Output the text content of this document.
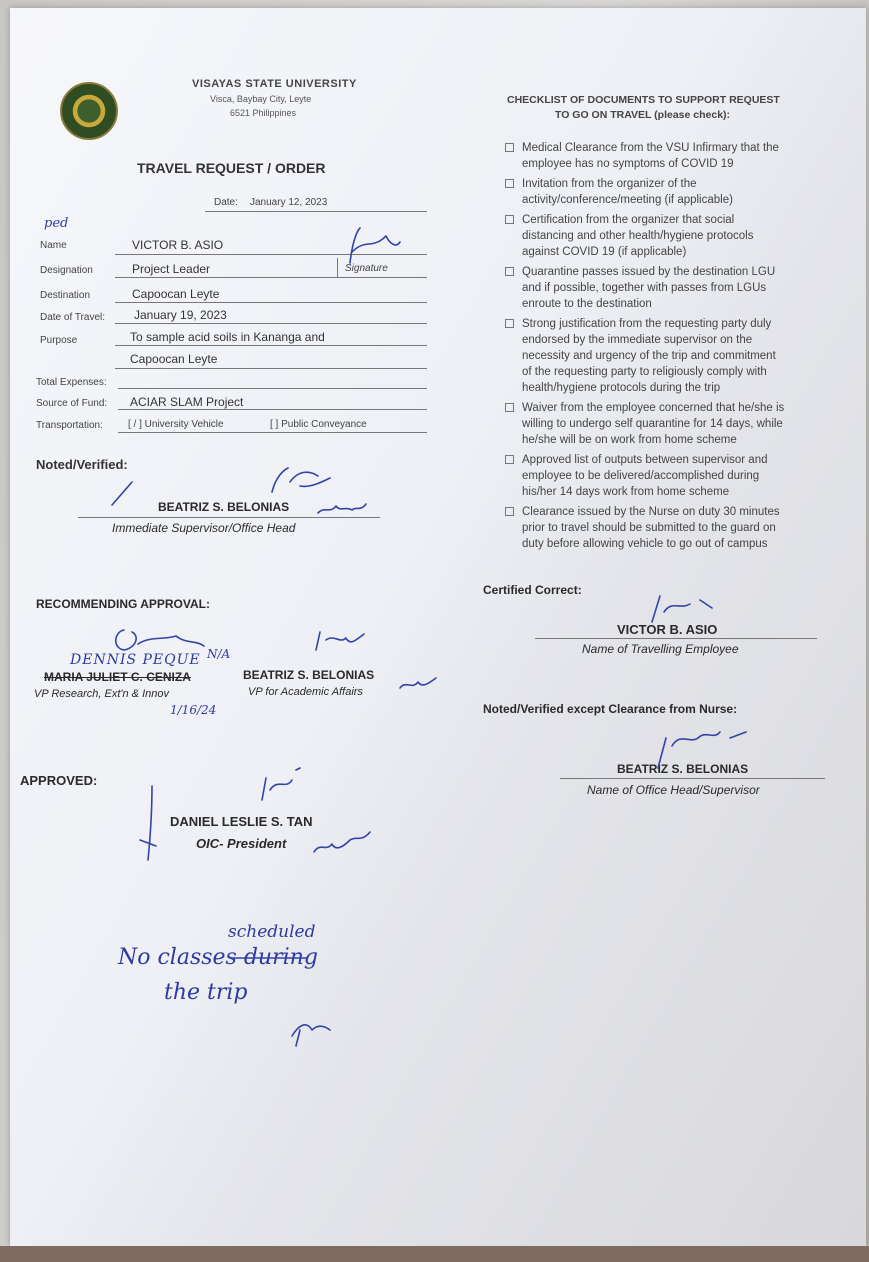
VISAYAS STATE UNIVERSITY
Visca, Baybay City, Leyte
6521 Philippines
TRAVEL REQUEST / ORDER
Date: January 12, 2023
ped
Name	VICTOR B. ASIO
Designation	Project Leader	Signature
Destination	Capoocan Leyte
Date of Travel: January 19, 2023
Purpose	To sample acid soils in Kananga and
Capoocan Leyte
Total Expenses:
Source of Fund: ACIAR SLAM Project
Transportation:	[ / ] University Vehicle	[ ] Public Conveyance
CHECKLIST OF DOCUMENTS TO SUPPORT REQUEST
TO GO ON TRAVEL (please check):
Medical Clearance from the VSU Infirmary that the
employee has no symptoms of COVID 19
Invitation from the organizer of the
activity/conference/meeting (if applicable)
Certification from the organizer that social
distancing and other health/hygiene protocols
against COVID 19 (if applicable)
Quarantine passes issued by the destination LGU
and if possible, together with passes from LGUs
enroute to the destination
Strong justification from the requesting party duly
endorsed by the immediate supervisor on the
necessity and urgency of the trip and commitment
of the requesting party to religiously comply with
health/hygiene protocols during the trip
Waiver from the employee concerned that he/she is
willing to undergo self quarantine for 14 days, while
he/she will be on work from home scheme
Approved list of outputs between supervisor and
employee to be delivered/accomplished during
his/her 14 days work from home scheme
Clearance issued by the Nurse on duty 30 minutes
prior to travel should be submitted to the guard on
duty before allowing vehicle to go out of campus
Noted/Verified:
BEATRIZ S. BELONIAS
Immediate Supervisor/Office Head
Certified Correct:
VICTOR B. ASIO
Name of Travelling Employee
RECOMMENDING APPROVAL:
DENNIS PEQUE N/A
MARIA JULIET C. CENIZA
VP Research, Ext'n & Innov
1/16/24
BEATRIZ S. BELONIAS
VP for Academic Affairs
Noted/Verified except Clearance from Nurse:
BEATRIZ S. BELONIAS
Name of Office Head/Supervisor
APPROVED:
DANIEL LESLIE S. TAN
OIC- President
No classes during
scheduled
the trip
